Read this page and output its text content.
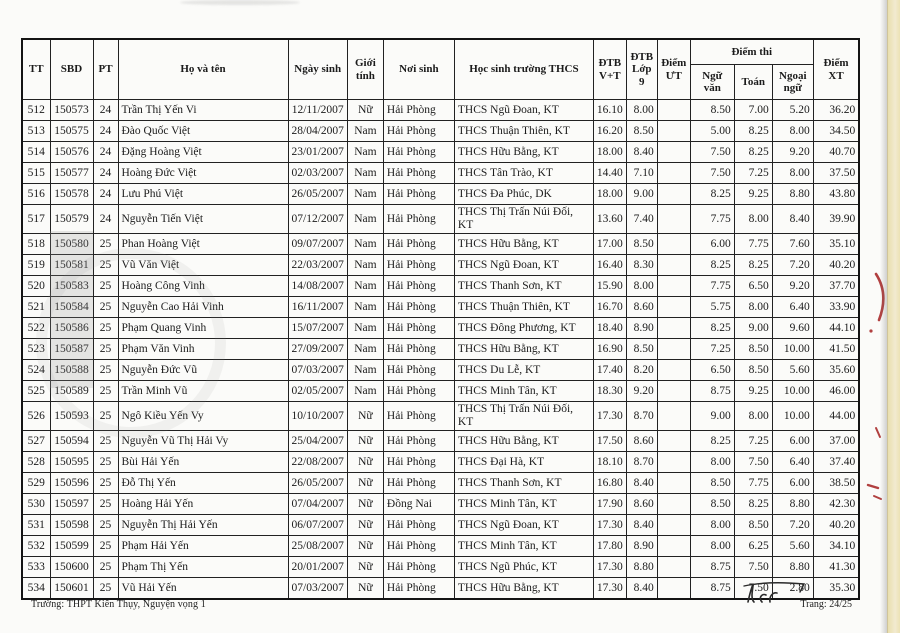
TT	SBD	PT	Họ và tên	Ngày sinh	Giới tính	Nơi sinh	Học sinh trường THCS	ĐTB V+T	ĐTB Lớp 9	Điểm ƯT	Điểm thi			Điểm XT
											Ngữ văn	Toán	Ngoại ngữ	
512	150573	24	Trần Thị Yến Vi	12/11/2007	Nữ	Hải Phòng	THCS Ngũ Đoan, KT	16.10	8.00		8.50	7.00	5.20	36.20
513	150575	24	Đào Quốc Việt	28/04/2007	Nam	Hải Phòng	THCS Thuận Thiên, KT	16.20	8.50		5.00	8.25	8.00	34.50
514	150576	24	Đặng Hoàng Việt	23/01/2007	Nam	Hải Phòng	THCS Hữu Bằng, KT	18.00	8.40		7.50	8.25	9.20	40.70
515	150577	24	Hoàng Đức Việt	02/03/2007	Nam	Hải Phòng	THCS Tân Trào, KT	14.40	7.10		7.50	7.25	8.00	37.50
516	150578	24	Lưu Phú Việt	26/05/2007	Nam	Hải Phòng	THCS Đa Phúc, DK	18.00	9.00		8.25	9.25	8.80	43.80
517	150579	24	Nguyễn Tiến Việt	07/12/2007	Nam	Hải Phòng	THCS Thị Trấn Núi Đối, KT	13.60	7.40		7.75	8.00	8.40	39.90
518	150580	25	Phan Hoàng Việt	09/07/2007	Nam	Hải Phòng	THCS Hữu Bằng, KT	17.00	8.50		6.00	7.75	7.60	35.10
519	150581	25	Vũ Văn Việt	22/03/2007	Nam	Hải Phòng	THCS Ngũ Đoan, KT	16.40	8.30		8.25	8.25	7.20	40.20
520	150583	25	Hoàng Công Vinh	14/08/2007	Nam	Hải Phòng	THCS Thanh Sơn, KT	15.90	8.00		7.75	6.50	9.20	37.70
521	150584	25	Nguyễn Cao Hải Vinh	16/11/2007	Nam	Hải Phòng	THCS Thuận Thiên, KT	16.70	8.60		5.75	8.00	6.40	33.90
522	150586	25	Phạm Quang Vinh	15/07/2007	Nam	Hải Phòng	THCS Đông Phương, KT	18.40	8.90		8.25	9.00	9.60	44.10
523	150587	25	Phạm Văn Vinh	27/09/2007	Nam	Hải Phòng	THCS Hữu Bằng, KT	16.90	8.50		7.25	8.50	10.00	41.50
524	150588	25	Nguyễn Đức Vũ	07/03/2007	Nam	Hải Phòng	THCS Du Lễ, KT	17.40	8.20		6.50	8.50	5.60	35.60
525	150589	25	Trần Minh Vũ	02/05/2007	Nam	Hải Phòng	THCS Minh Tân, KT	18.30	9.20		8.75	9.25	10.00	46.00
526	150593	25	Ngô Kiều Yến Vy	10/10/2007	Nữ	Hải Phòng	THCS Thị Trấn Núi Đối, KT	17.30	8.70		9.00	8.00	10.00	44.00
527	150594	25	Nguyễn Vũ Thị Hải Vy	25/04/2007	Nữ	Hải Phòng	THCS Hữu Bằng, KT	17.50	8.60		8.25	7.25	6.00	37.00
528	150595	25	Bùi Hải Yến	22/08/2007	Nữ	Hải Phòng	THCS Đại Hà, KT	18.10	8.70		8.00	7.50	6.40	37.40
529	150596	25	Đỗ Thị Yến	26/05/2007	Nữ	Hải Phòng	THCS Thanh Sơn, KT	16.80	8.40		8.50	7.75	6.00	38.50
530	150597	25	Hoàng Hải Yến	07/04/2007	Nữ	Đồng Nai	THCS Minh Tân, KT	17.90	8.60		8.50	8.25	8.80	42.30
531	150598	25	Nguyễn Thị Hải Yến	06/07/2007	Nữ	Hải Phòng	THCS Ngũ Đoan, KT	17.30	8.40		8.00	8.50	7.20	40.20
532	150599	25	Phạm Hải Yến	25/08/2007	Nữ	Hải Phòng	THCS Minh Tân, KT	17.80	8.90		8.00	6.25	5.60	34.10
533	150600	25	Phạm Thị Yến	20/01/2007	Nữ	Hải Phòng	THCS Ngũ Phúc, KT	17.30	8.80		8.75	7.50	8.80	41.30
534	150601	25	Vũ Hải Yến	07/03/2007	Nữ	Hải Phòng	THCS Hữu Bằng, KT	17.30	8.40		8.75	7.50	2.80	35.30
Trường: THPT Kiến Thụy, Nguyện vọng 1	Trang: 24/25
